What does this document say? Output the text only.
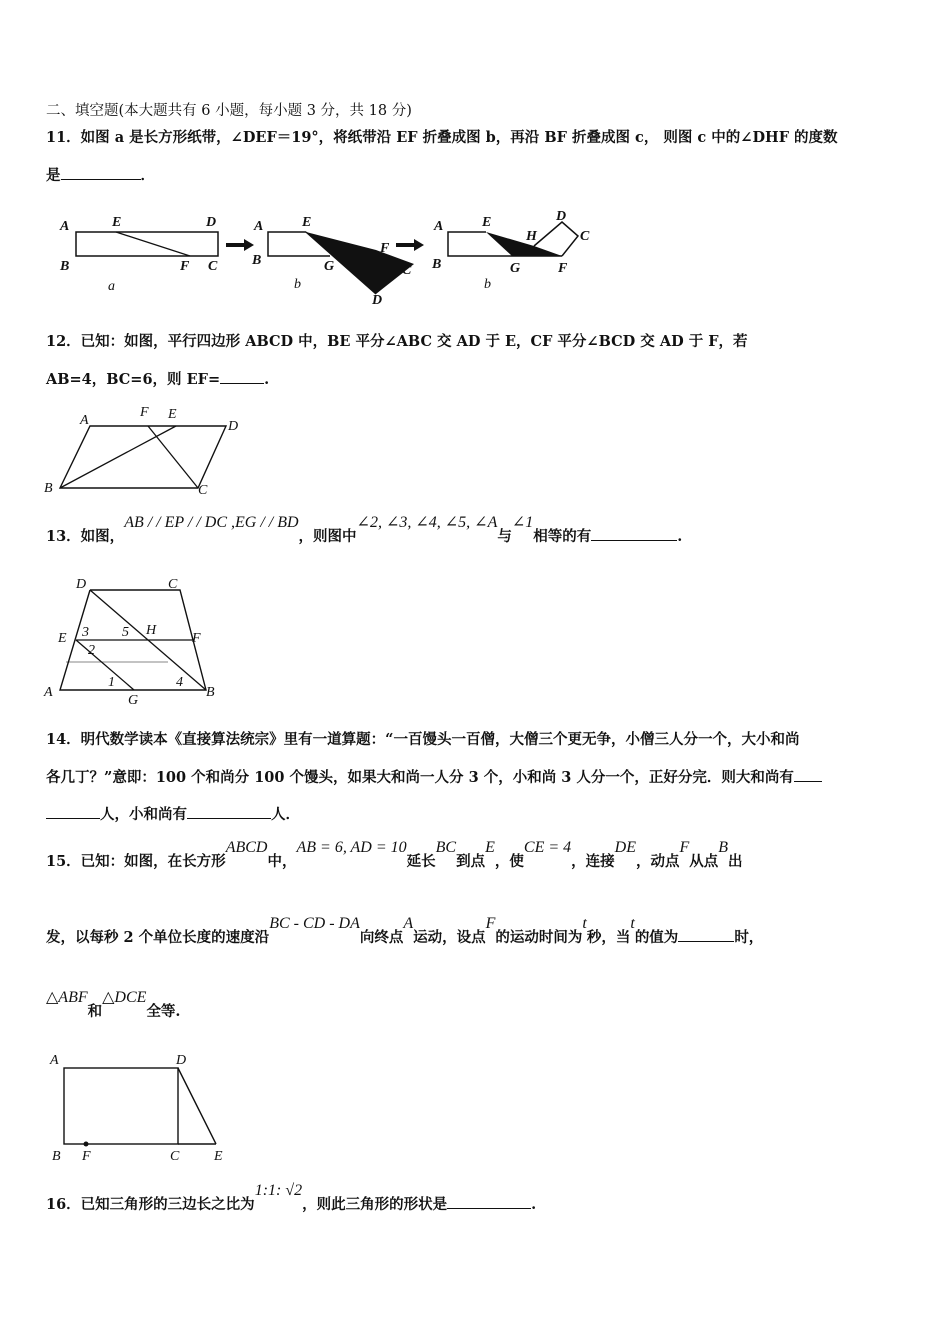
二、填空题(本大题共有 6 小题，每小题 3 分，共 18 分)
11．如图 a 是长方形纸带，∠DEF＝19°，将纸带沿 EF 折叠成图 b，再沿 BF 折叠成图 c， 则图 c 中的∠DHF 的度数
是	．
A	E	D
B	F C
a
A	E
F
B	G	C
D
b
A	E	D
H	C
B	G	F
b
12．已知：如图，平行四边形 ABCD 中，BE 平分∠ABC 交 AD 于 E，CF 平分∠BCD 交 AD 于 F，若
AB=4，BC=6，则 EF=	.
A
F E
D
B	C
13．如图，AB / / EP / / DC ,EG / / BD，则图中∠2, ∠3, ∠4, ∠5, ∠A与∠1相等的有	.
D	C
E 3 5 H
F
2
A
1
G
4
B
14．明代数学读本《直接算法统宗》里有一道算题：“一百馒头一百僧，大僧三个更无争，小僧三人分一个，大小和尚
各几丁？”意即：100 个和尚分 100 个馒头，如果大和尚一人分 3 个，小和尚 3 人分一个，正好分完．则大和尚有
人，小和尚有	人．
15．已知：如图，在长方形ABCD中，AB = 6, AD = 10延长BC到点E，使CE = 4，连接DE，动点F从点B出
发，以每秒 2 个单位长度的速度沿BC - CD - DA向终点A运动，设点F的运动时间为t秒，当t的值为	时，
△ABF和△DCE全等.
A	D
B F	C E
16．已知三角形的三边长之比为1:1: √2，则此三角形的形状是	.
